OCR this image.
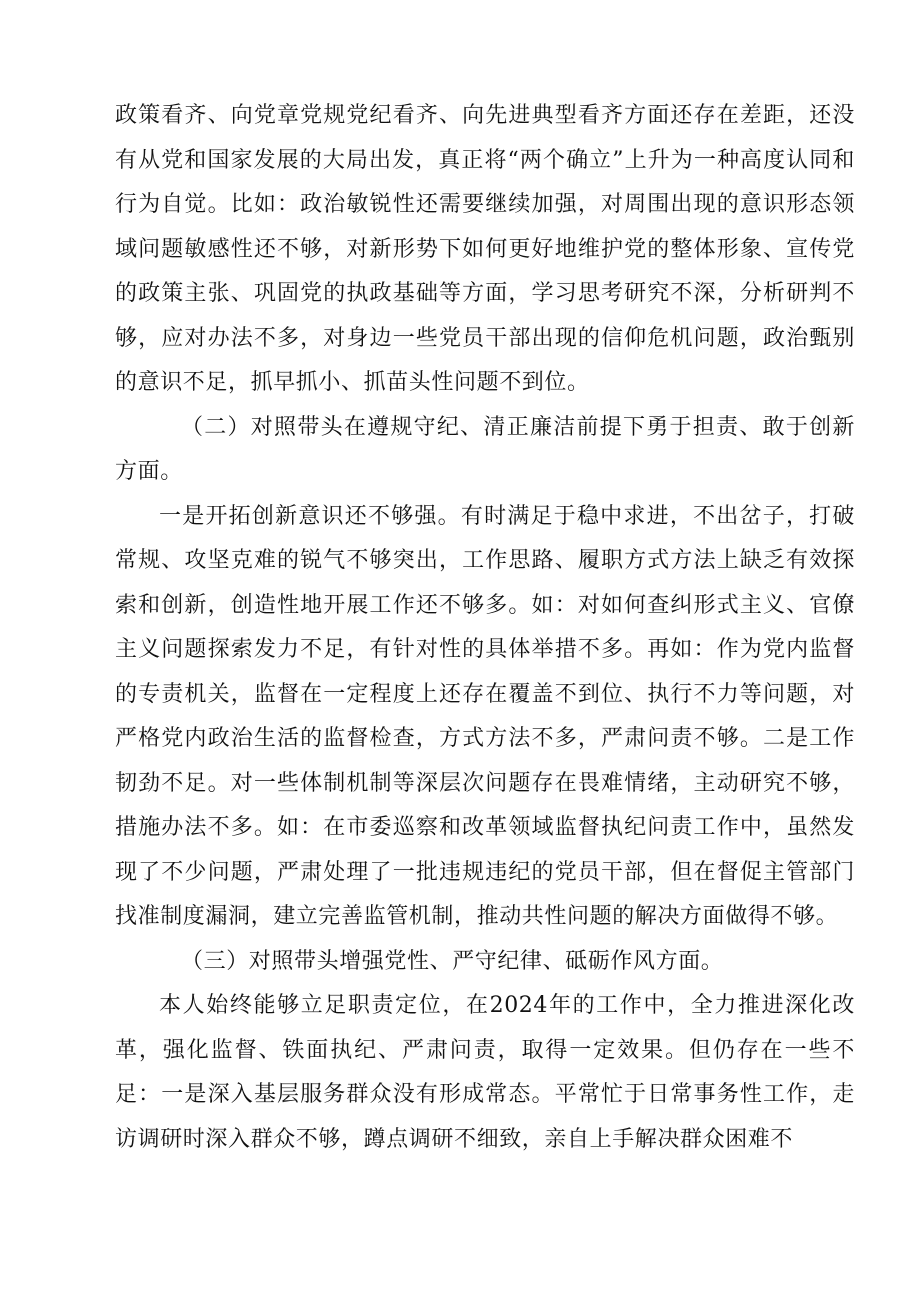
政策看齐、向党章党规党纪看齐、向先进典型看齐方面还存在差距，还没有从党和国家发展的大局出发，真正将“两个确立”上升为一种高度认同和行为自觉。比如：政治敏锐性还需要继续加强，对周围出现的意识形态领域问题敏感性还不够，对新形势下如何更好地维护党的整体形象、宣传党的政策主张、巩固党的执政基础等方面，学习思考研究不深，分析研判不够，应对办法不多，对身边一些党员干部出现的信仰危机问题，政治甄别的意识不足，抓早抓小、抓苗头性问题不到位。

（二）对照带头在遵规守纪、清正廉洁前提下勇于担责、敢于创新方面。

一是开拓创新意识还不够强。有时满足于稳中求进，不出岔子，打破常规、攻坚克难的锐气不够突出，工作思路、履职方式方法上缺乏有效探索和创新，创造性地开展工作还不够多。如：对如何查纠形式主义、官僚主义问题探索发力不足，有针对性的具体举措不多。再如：作为党内监督的专责机关，监督在一定程度上还存在覆盖不到位、执行不力等问题，对严格党内政治生活的监督检查，方式方法不多，严肃问责不够。二是工作韧劲不足。对一些体制机制等深层次问题存在畏难情绪，主动研究不够，措施办法不多。如：在市委巡察和改革领域监督执纪问责工作中，虽然发现了不少问题，严肃处理了一批违规违纪的党员干部，但在督促主管部门找准制度漏洞，建立完善监管机制，推动共性问题的解决方面做得不够。

（三）对照带头增强党性、严守纪律、砥砺作风方面。

本人始终能够立足职责定位，在2024年的工作中，全力推进深化改革，强化监督、铁面执纪、严肃问责，取得一定效果。但仍存在一些不足：一是深入基层服务群众没有形成常态。平常忙于日常事务性工作，走访调研时深入群众不够，蹲点调研不细致，亲自上手解决群众困难不
